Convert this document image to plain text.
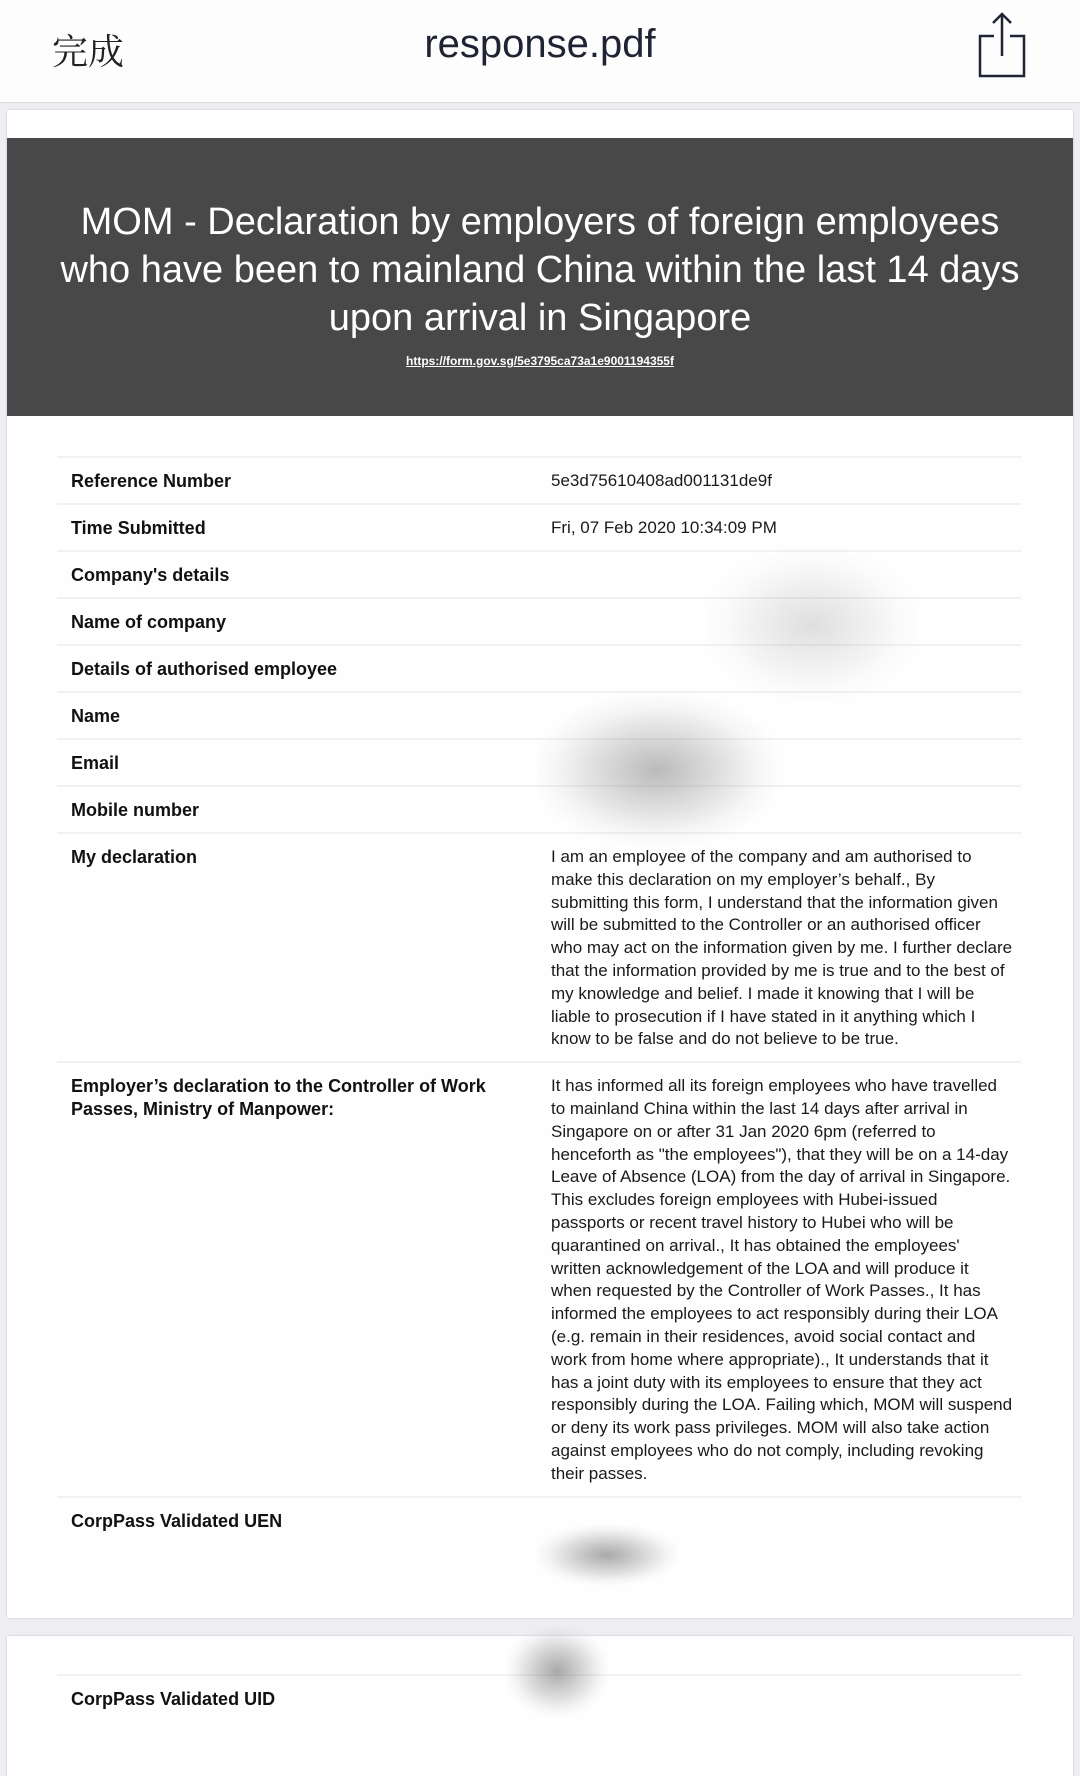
完成	response.pdf
MOM - Declaration by employers of foreign employees who have been to mainland China within the last 14 days upon arrival in Singapore
https://form.gov.sg/5e3795ca73a1e9001194355f
Reference Number	5e3d75610408ad001131de9f
Time Submitted	Fri, 07 Feb 2020 10:34:09 PM
Company's details
Name of company
Details of authorised employee
Name
Email
Mobile number
My declaration	I am an employee of the company and am authorised to make this declaration on my employer’s behalf., By submitting this form, I understand that the information given will be submitted to the Controller or an authorised officer who may act on the information given by me. I further declare that the information provided by me is true and to the best of my knowledge and belief. I made it knowing that I will be liable to prosecution if I have stated in it anything which I know to be false and do not believe to be true.
Employer’s declaration to the Controller of Work Passes, Ministry of Manpower:
It has informed all its foreign employees who have travelled to mainland China within the last 14 days after arrival in Singapore on or after 31 Jan 2020 6pm (referred to henceforth as "the employees"), that they will be on a 14-day Leave of Absence (LOA) from the day of arrival in Singapore. This excludes foreign employees with Hubei-issued passports or recent travel history to Hubei who will be quarantined on arrival., It has obtained the employees' written acknowledgement of the LOA and will produce it when requested by the Controller of Work Passes., It has informed the employees to act responsibly during their LOA (e.g. remain in their residences, avoid social contact and work from home where appropriate)., It understands that it has a joint duty with its employees to ensure that they act responsibly during the LOA. Failing which, MOM will suspend or deny its work pass privileges. MOM will also take action against employees who do not comply, including revoking their passes.
CorpPass Validated UEN
CorpPass Validated UID
